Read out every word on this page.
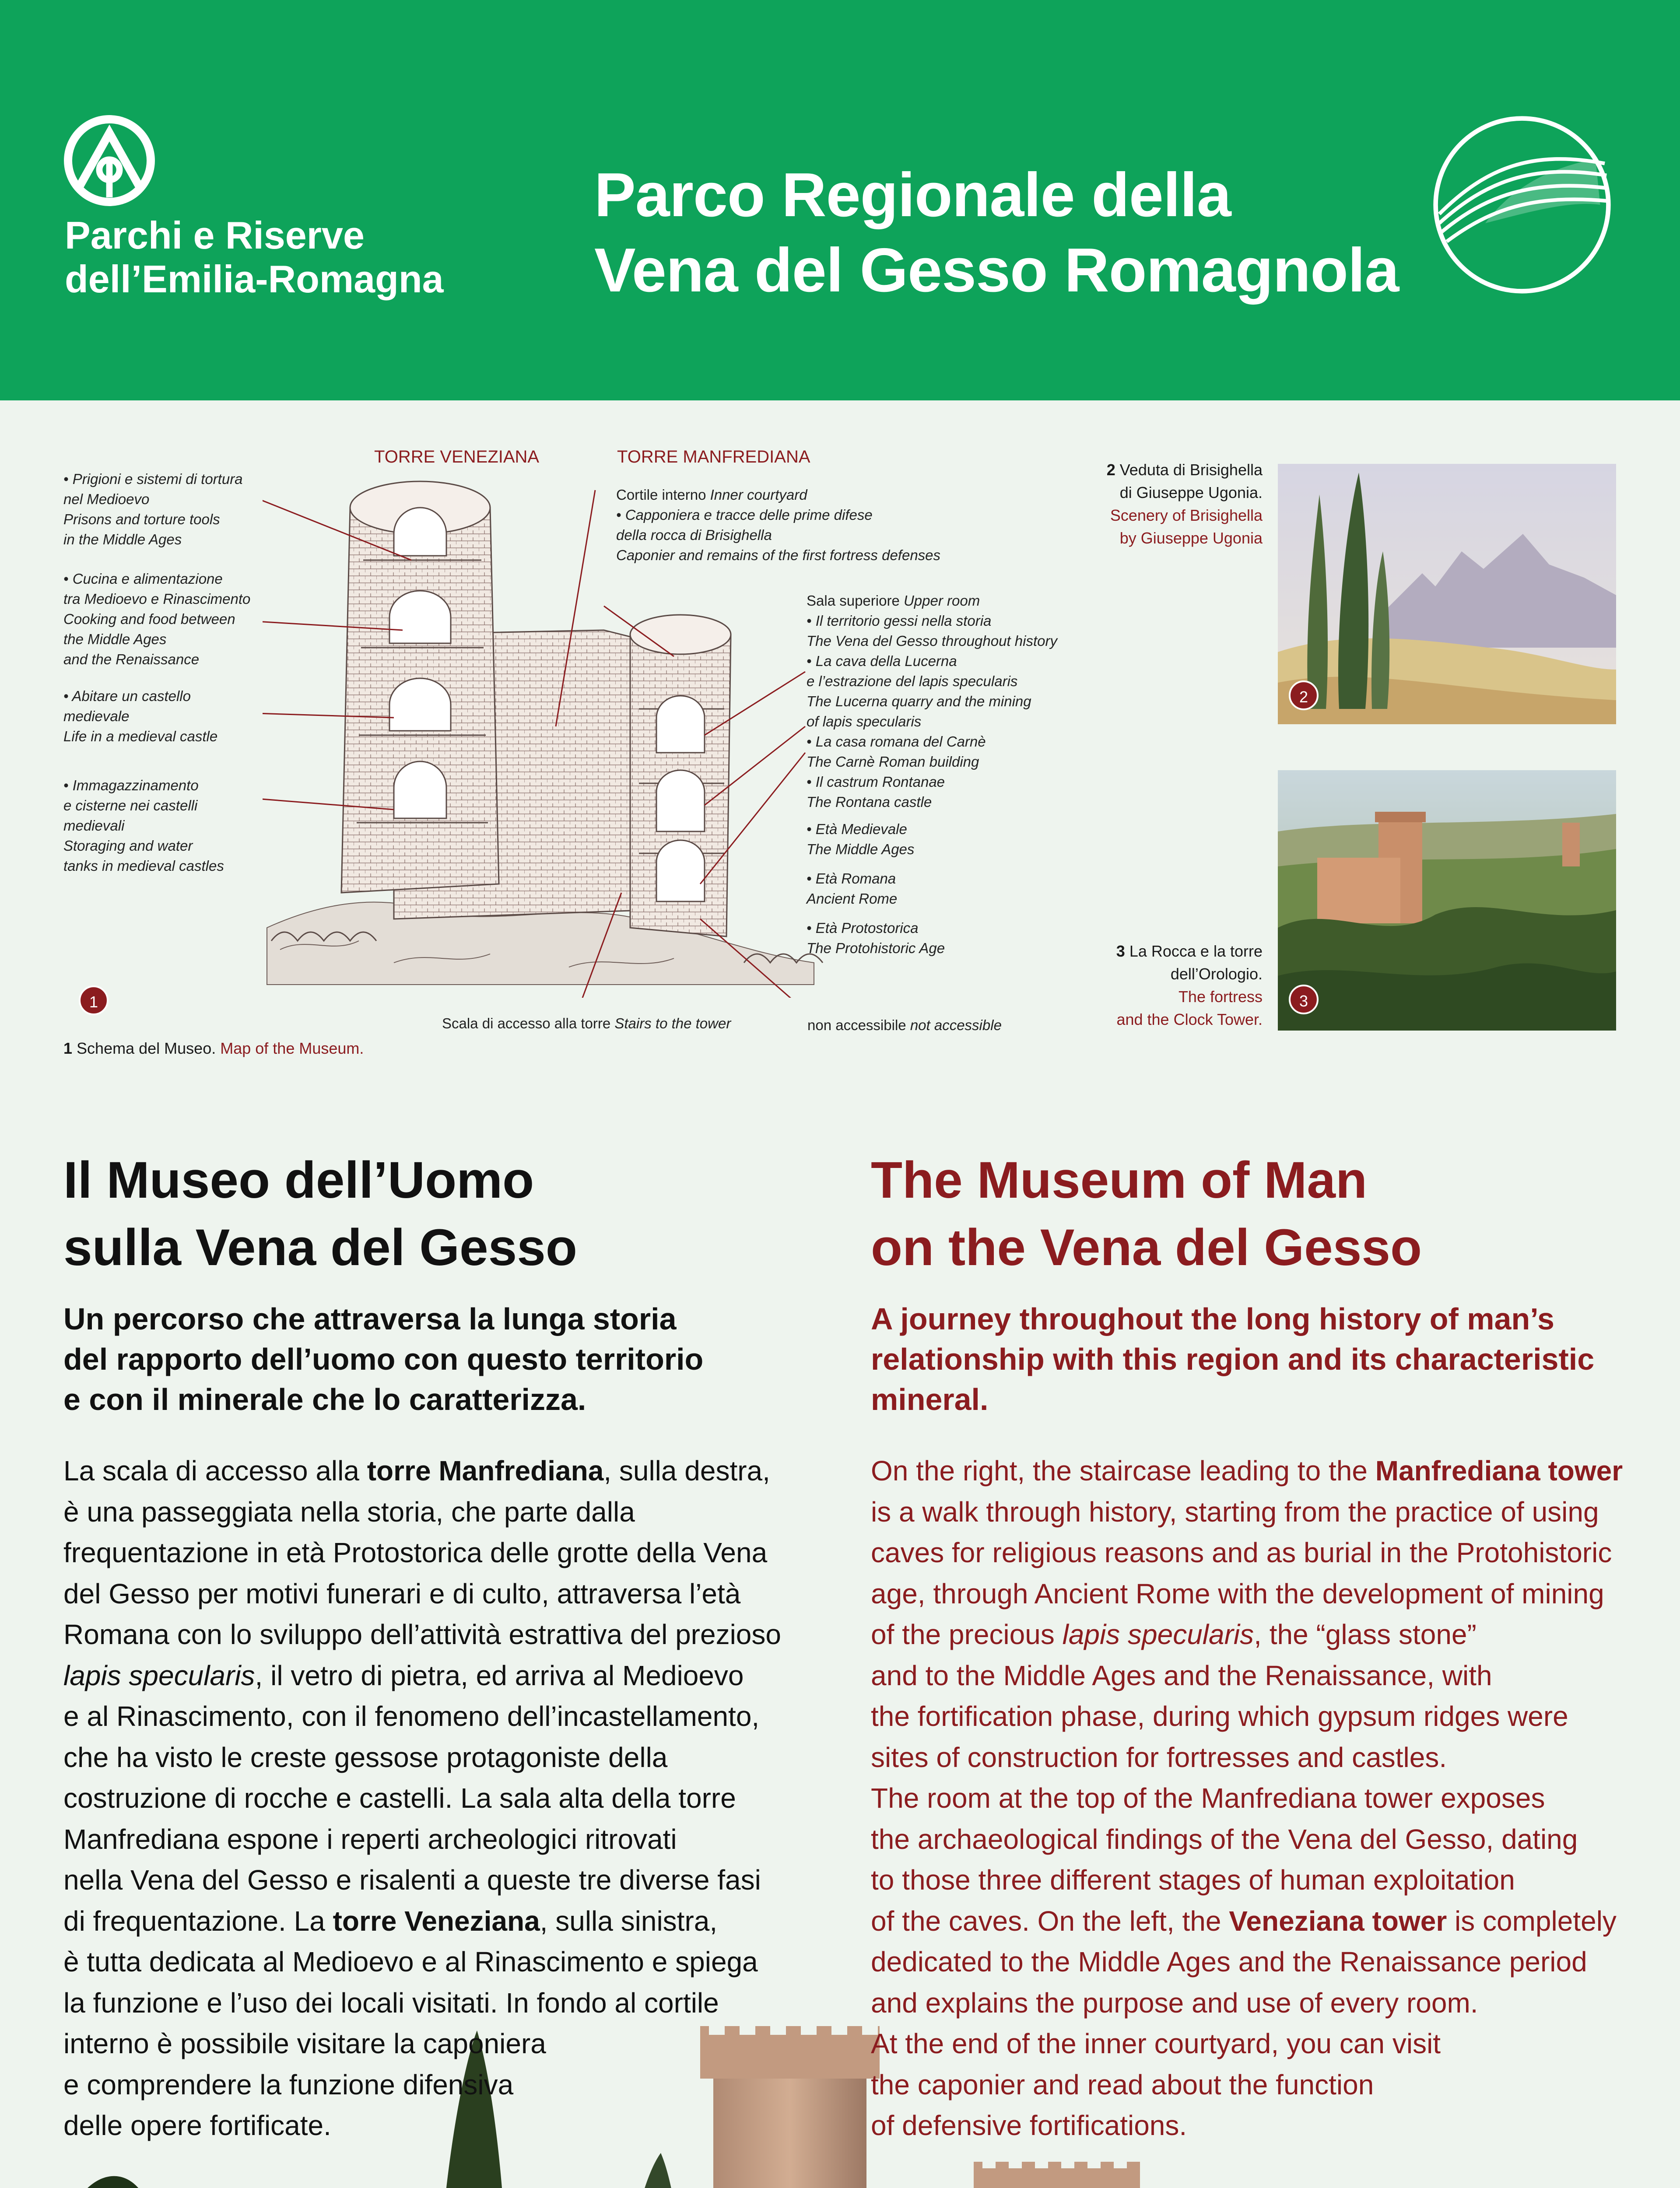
Parchi e Riserve
dell’Emilia-Romagna
Parco Regionale della
Vena del Gesso Romagnola
TORRE VENEZIANA	TORRE MANFREDIANA
• Prigioni e sistemi di tortura
nel Medioevo
Prisons and torture tools
in the Middle Ages
• Cucina e alimentazione
tra Medioevo e Rinascimento
Cooking and food between
the Middle Ages
and the Renaissance
• Abitare un castello
medievale
Life in a medieval castle
• Immagazzinamento
e cisterne nei castelli
medievali
Storaging and water
tanks in medieval castles
Cortile interno Inner courtyard
• Capponiera e tracce delle prime difese
della rocca di Brisighella
Caponier and remains of the first fortress defenses
Sala superiore Upper room
• Il territorio gessi nella storia
The Vena del Gesso throughout history
• La cava della Lucerna
e l’estrazione del lapis specularis
The Lucerna quarry and the mining
of lapis specularis
• La casa romana del Carnè
The Carnè Roman building
• Il castrum Rontanae
The Rontana castle
• Età Medievale
The Middle Ages
• Età Romana
Ancient Rome
• Età Protostorica
The Protohistoric Age
Scala di accesso alla torre Stairs to the tower	non accessibile not accessible
1
1 Schema del Museo. Map of the Museum.
2
2 Veduta di Brisighella
di Giuseppe Ugonia.
Scenery of Brisighella
by Giuseppe Ugonia
3
3 La Rocca e la torre
dell’Orologio.
The fortress
and the Clock Tower.
Il Museo dell’Uomo
sulla Vena del Gesso
Un percorso che attraversa la lunga storia
del rapporto dell’uomo con questo territorio
e con il minerale che lo caratterizza.
La scala di accesso alla torre Manfrediana, sulla destra,
è una passeggiata nella storia, che parte dalla
frequentazione in età Protostorica delle grotte della Vena
del Gesso per motivi funerari e di culto, attraversa l’età
Romana con lo sviluppo dell’attività estrattiva del prezioso
lapis specularis, il vetro di pietra, ed arriva al Medioevo
e al Rinascimento, con il fenomeno dell’incastellamento,
che ha visto le creste gessose protagoniste della
costruzione di rocche e castelli. La sala alta della torre
Manfrediana espone i reperti archeologici ritrovati
nella Vena del Gesso e risalenti a queste tre diverse fasi
di frequentazione. La torre Veneziana, sulla sinistra,
è tutta dedicata al Medioevo e al Rinascimento e spiega
la funzione e l’uso dei locali visitati. In fondo al cortile
interno è possibile visitare la caponiera
e comprendere la funzione difensiva
delle opere fortificate.
The Museum of Man
on the Vena del Gesso
A journey throughout the long history of man’s
relationship with this region and its characteristic
mineral.
On the right, the staircase leading to the Manfrediana tower
is a walk through history, starting from the practice of using
caves for religious reasons and as burial in the Protohistoric
age, through Ancient Rome with the development of mining
of the precious lapis specularis, the “glass stone”
and to the Middle Ages and the Renaissance, with
the fortification phase, during which gypsum ridges were
sites of construction for fortresses and castles.
The room at the top of the Manfrediana tower exposes
the archaeological findings of the Vena del Gesso, dating
to those three different stages of human exploitation
of the caves. On the left, the Veneziana tower is completely
dedicated to the Middle Ages and the Renaissance period
and explains the purpose and use of every room.
At the end of the inner courtyard, you can visit
the caponier and read about the function
of defensive fortifications.
